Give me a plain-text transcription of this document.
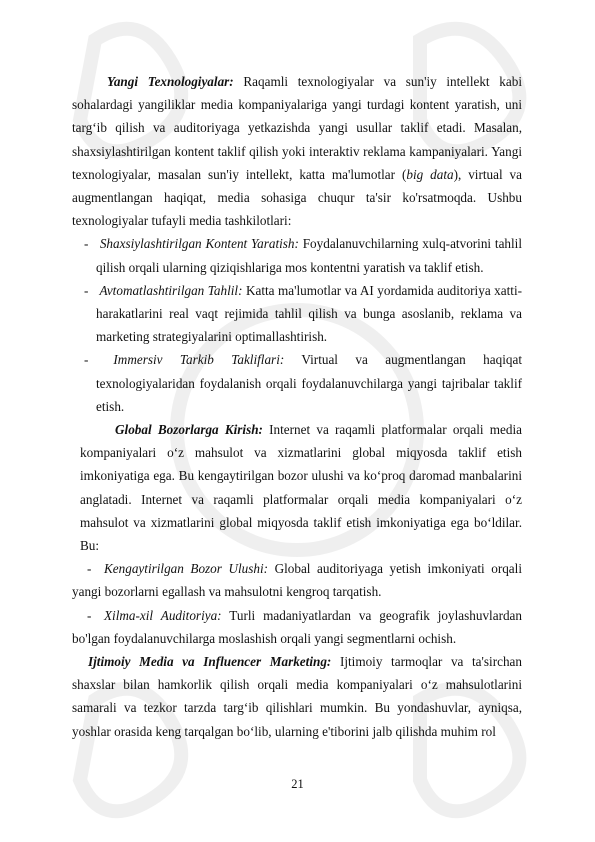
Yangi Texnologiyalar: Raqamli texnologiyalar va sun'iy intellekt kabi sohalardagi yangiliklar media kompaniyalariga yangi turdagi kontent yaratish, uni targ‘ib qilish va auditoriyaga yetkazishda yangi usullar taklif etadi. Masalan, shaxsiylashtirilgan kontent taklif qilish yoki interaktiv reklama kampaniyalari. Yangi texnologiyalar, masalan sun'iy intellekt, katta ma'lumotlar (big data), virtual va augmentlangan haqiqat, media sohasiga chuqur ta'sir ko'rsatmoqda. Ushbu texnologiyalar tufayli media tashkilotlari:

- Shaxsiylashtirilgan Kontent Yaratish: Foydalanuvchilarning xulq-atvorini tahlil qilish orqali ularning qiziqishlariga mos kontentni yaratish va taklif etish.

- Avtomatlashtirilgan Tahlil: Katta ma'lumotlar va AI yordamida auditoriya xatti-harakatlarini real vaqt rejimida tahlil qilish va bunga asoslanib, reklama va marketing strategiyalarini optimallashtirish.

- Immersiv Tarkib Takliflari: Virtual va augmentlangan haqiqat texnologiyalaridan foydalanish orqali foydalanuvchilarga yangi tajribalar taklif etish.

Global Bozorlarga Kirish: Internet va raqamli platformalar orqali media kompaniyalari o‘z mahsulot va xizmatlarini global miqyosda taklif etish imkoniyatiga ega. Bu kengaytirilgan bozor ulushi va ko‘proq daromad manbalarini anglatadi. Internet va raqamli platformalar orqali media kompaniyalari o‘z mahsulot va xizmatlarini global miqyosda taklif etish imkoniyatiga ega bo‘ldilar. Bu:

- Kengaytirilgan Bozor Ulushi: Global auditoriyaga yetish imkoniyati orqali yangi bozorlarni egallash va mahsulotni kengroq tarqatish.

- Xilma-xil Auditoriya: Turli madaniyatlardan va geografik joylashuvlardan bo'lgan foydalanuvchilarga moslashish orqali yangi segmentlarni ochish.

Ijtimoiy Media va Influencer Marketing: Ijtimoiy tarmoqlar va ta'sirchan shaxslar bilan hamkorlik qilish orqali media kompaniyalari o‘z mahsulotlarini samarali va tezkor tarzda targ‘ib qilishlari mumkin. Bu yondashuvlar, ayniqsa, yoshlar orasida keng tarqalgan bo‘lib, ularning e'tiborini jalb qilishda muhim rol

21
